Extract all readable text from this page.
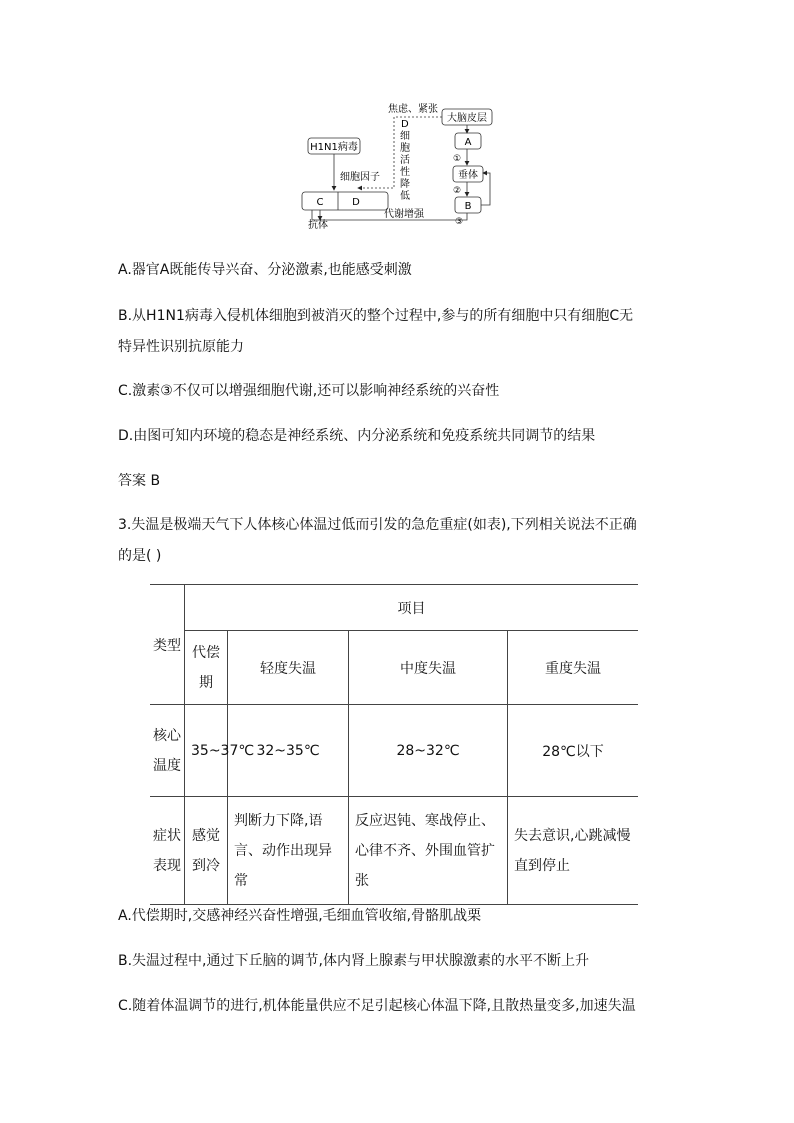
焦虑、紧张
大脑皮层
D
细
胞
活
性
降
低
H1N1病毒
细胞因子
C	D
抗体
A
①
垂体
②
B
③
代谢增强
A.器官A既能传导兴奋、分泌激素,也能感受刺激
B.从H1N1病毒入侵机体细胞到被消灭的整个过程中,参与的所有细胞中只有细胞C无
特异性识别抗原能力
C.激素③不仅可以增强细胞代谢,还可以影响神经系统的兴奋性
D.由图可知内环境的稳态是神经系统、内分泌系统和免疫系统共同调节的结果
答案 B
3.失温是极端天气下人体核心体温过低而引发的急危重症(如表),下列相关说法不正确
的是( )
类型	项目			

	代偿期	轻度失温	中度失温	重度失温

核心温度	35~37℃	32~35℃	28~32℃	28℃以下

症状表现	感觉到冷	判断力下降,语言、动作出现异常	反应迟钝、寒战停止、心律不齐、外围血管扩张	失去意识,心跳减慢直到停止
A.代偿期时,交感神经兴奋性增强,毛细血管收缩,骨骼肌战栗
B.失温过程中,通过下丘脑的调节,体内肾上腺素与甲状腺激素的水平不断上升
C.随着体温调节的进行,机体能量供应不足引起核心体温下降,且散热量变多,加速失温
